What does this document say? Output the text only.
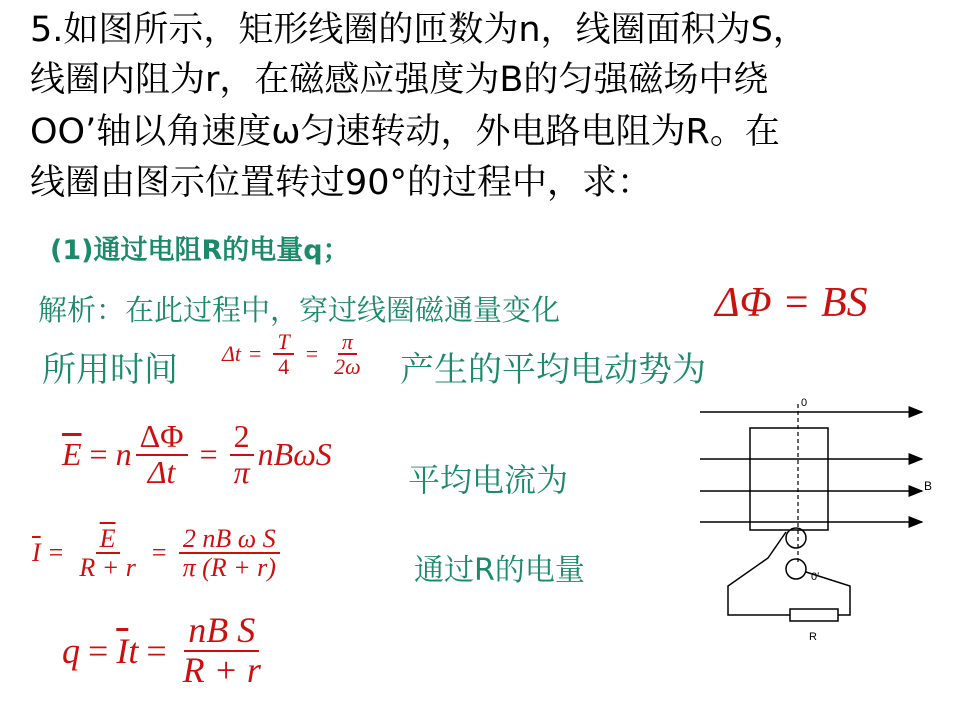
5.如图所示，矩形线圈的匝数为n，线圈面积为S，
线圈内阻为r，在磁感应强度为B的匀强磁场中绕
OO’轴以角速度ω匀速转动，外电路电阻为R。在
线圈由图示位置转过90°的过程中，求：
(1)通过电阻R的电量q；
解析：在此过程中，穿过线圈磁通量变化	ΔΦ = BS
所用时间 $\Delta t = \frac{T}{4} = \frac{\pi}{2\omega}$ 产生的平均电动势为
$\overline{E} = n \frac{\Delta\Phi}{\Delta t} = \frac{2}{\pi}$ nBωS
平均电流为
$\overline{I} = \frac{\overline{E}}{R + r} = \frac{\text{2 nB ω S}}{\pi (R + r)}$	通过R的电量
$q = \overline{I}$ $t = \frac{\text{nB S}}{R + r}$
B
0
0′
R
